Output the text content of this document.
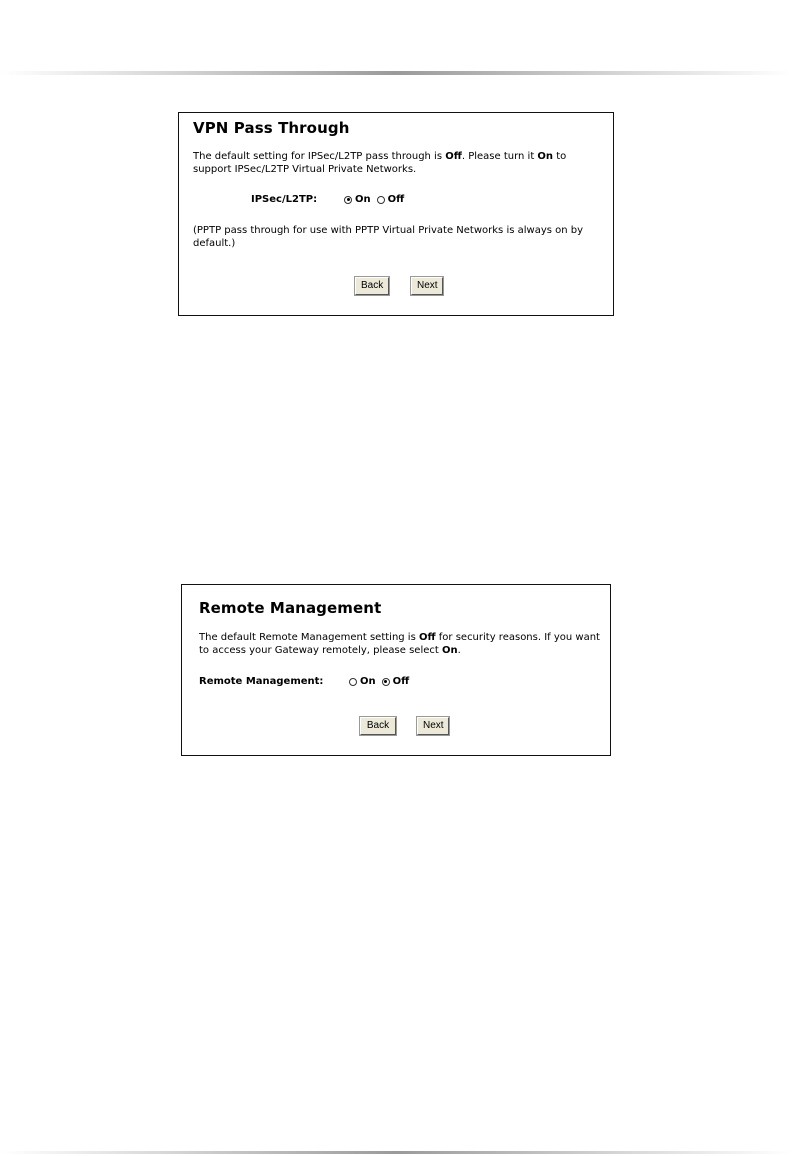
VPN Pass Through
The default setting for IPSec/L2TP pass through is Off. Please turn it On to support IPSec/L2TP Virtual Private Networks.
IPSec/L2TP:	On Off
(PPTP pass through for use with PPTP Virtual Private Networks is always on by default.)
Back	Next
Remote Management
The default Remote Management setting is Off for security reasons. If you want to access your Gateway remotely, please select On.
Remote Management:	On Off
Back	Next
